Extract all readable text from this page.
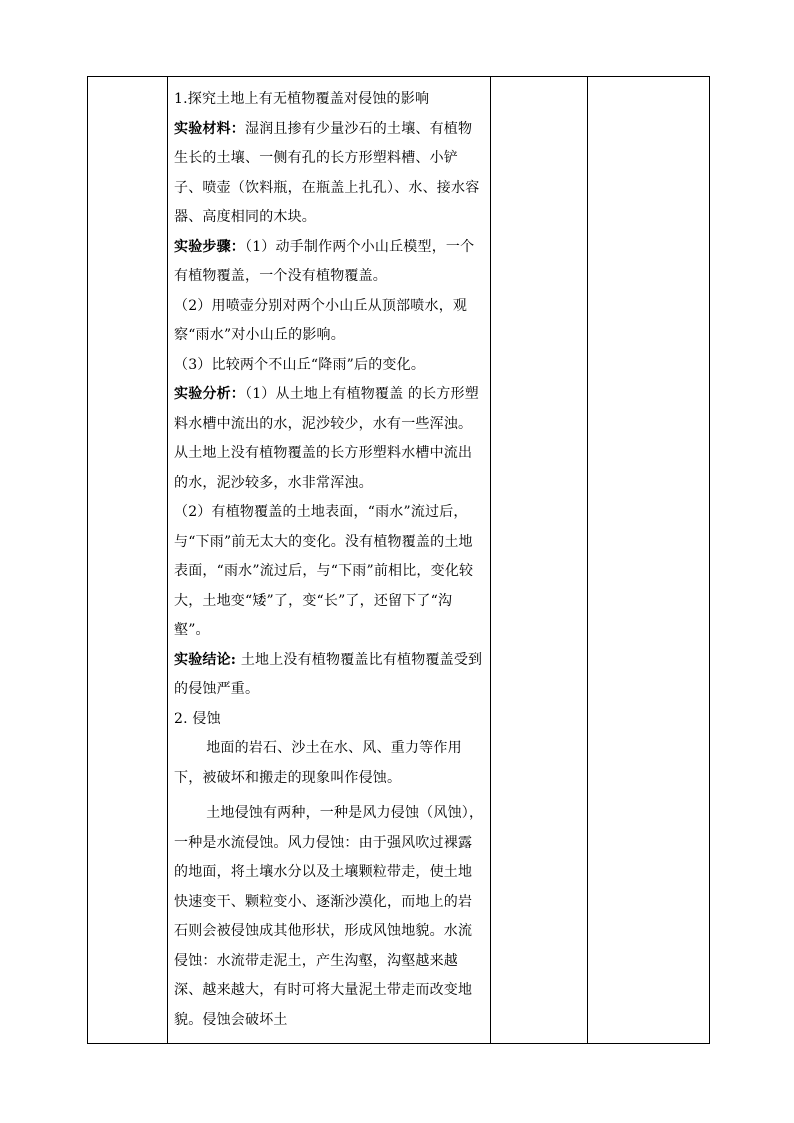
1.探究土地上有无植物覆盖对侵蚀的影响

实验材料：湿润且掺有少量沙石的土壤、有植物生长的土壤、一侧有孔的长方形塑料槽、小铲子、喷壶（饮料瓶，在瓶盖上扎孔）、水、接水容器、高度相同的木块。

实验步骤：（1）动手制作两个小山丘模型，一个有植物覆盖，一个没有植物覆盖。

（2）用喷壶分别对两个小山丘从顶部喷水，观察“雨水”对小山丘的影响。

（3）比较两个不山丘“降雨”后的变化。

实验分析：（1）从土地上有植物覆盖 的长方形塑料水槽中流出的水，泥沙较少，水有一些浑浊。从土地上没有植物覆盖的长方形塑料水槽中流出的水，泥沙较多，水非常浑浊。

（2）有植物覆盖的土地表面，“雨水”流过后，与“下雨”前无太大的变化。没有植物覆盖的土地表面，“雨水”流过后，与“下雨”前相比，变化较大，土地变“矮”了，变“长”了，还留下了“沟壑”。

实验结论: 土地上没有植物覆盖比有植物覆盖受到的侵蚀严重。

2. 侵蚀

地面的岩石、沙土在水、风、重力等作用下，被破坏和搬走的现象叫作侵蚀。

土地侵蚀有两种，一种是风力侵蚀（风蚀），一种是水流侵蚀。风力侵蚀：由于强风吹过裸露的地面，将土壤水分以及土壤颗粒带走，使土地快速变干、颗粒变小、逐渐沙漠化，而地上的岩石则会被侵蚀成其他形状，形成风蚀地貌。水流侵蚀：水流带走泥土，产生沟壑，沟壑越来越深、越来越大，有时可将大量泥土带走而改变地貌。侵蚀会破坏土
